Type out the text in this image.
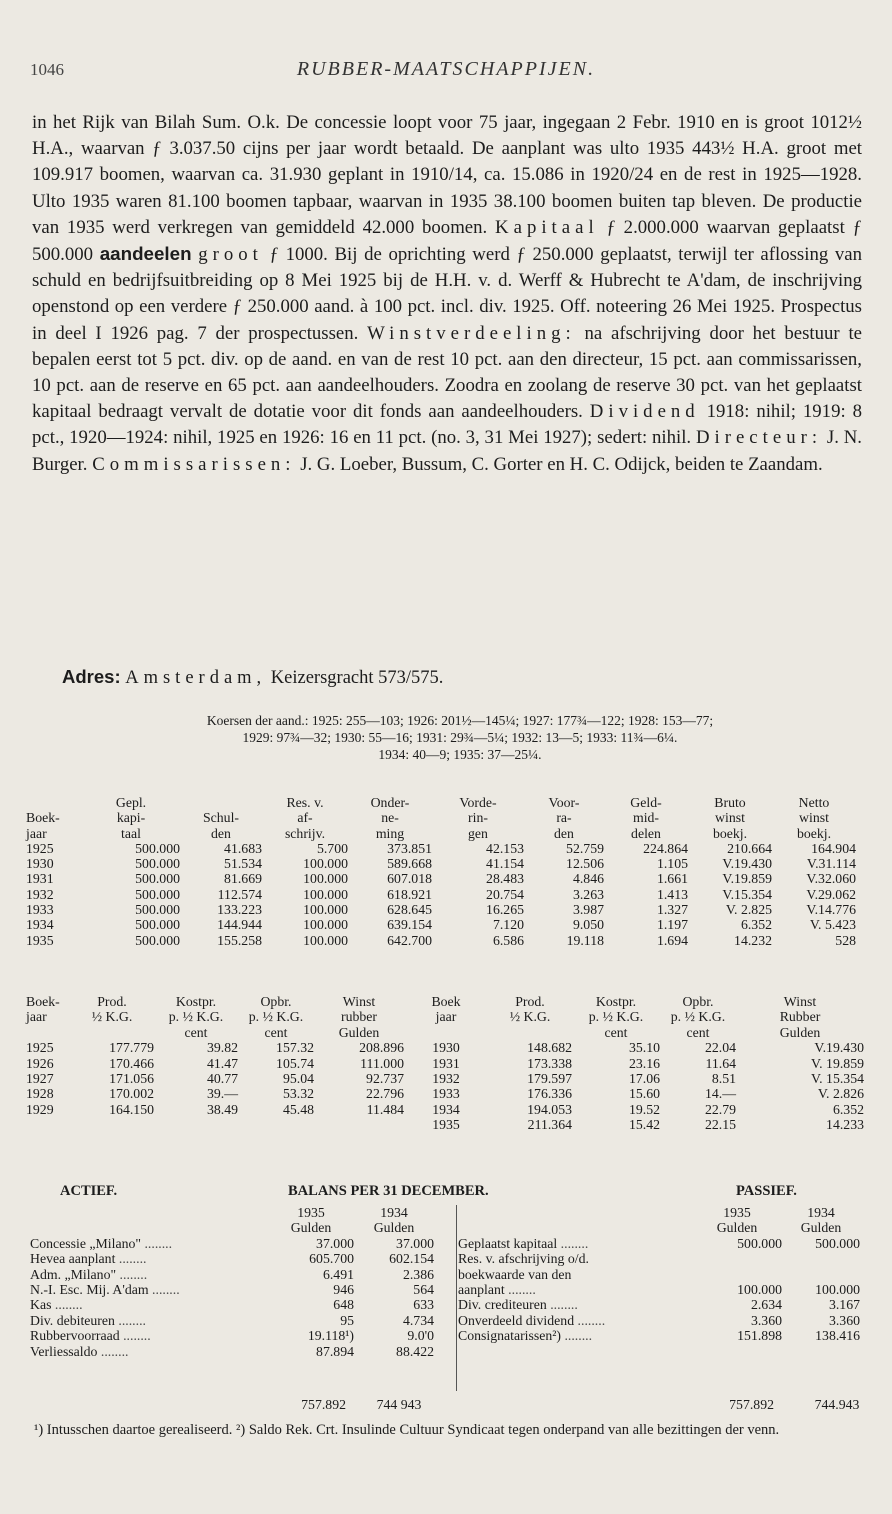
1046	RUBBER-MAATSCHAPPIJEN.
in het Rijk van Bilah Sum. O.k. De concessie loopt voor 75 jaar, ingegaan 2 Febr. 1910 en is groot 1012½ H.A., waarvan ƒ 3.037.50 cijns per jaar wordt betaald. De aanplant was ulto 1935 443½ H.A. groot met 109.917 boomen, waarvan ca. 31.930 geplant in 1910/14, ca. 15.086 in 1920/24 en de rest in 1925—1928. Ulto 1935 waren 81.100 boomen tapbaar, waarvan in 1935 38.100 boomen buiten tap bleven. De productie van 1935 werd verkregen van gemiddeld 42.000 boomen. Kapitaal ƒ 2.000.000 waarvan geplaatst ƒ 500.000 aandeelen groot ƒ 1000. Bij de oprichting werd ƒ 250.000 geplaatst, terwijl ter aflossing van schuld en bedrijfsuitbreiding op 8 Mei 1925 bij de H.H. v. d. Werff & Hubrecht te A'dam, de inschrijving openstond op een verdere ƒ 250.000 aand. à 100 pct. incl. div. 1925. Off. noteering 26 Mei 1925. Prospectus in deel I 1926 pag. 7 der prospectussen. Winstverdeeling: na afschrijving door het bestuur te bepalen eerst tot 5 pct. div. op de aand. en van de rest 10 pct. aan den directeur, 15 pct. aan commissarissen, 10 pct. aan de reserve en 65 pct. aan aandeelhouders. Zoodra en zoolang de reserve 30 pct. van het geplaatst kapitaal bedraagt vervalt de dotatie voor dit fonds aan aandeelhouders. Dividend 1918: nihil; 1919: 8 pct., 1920—1924: nihil, 1925 en 1926: 16 en 11 pct. (no. 3, 31 Mei 1927); sedert: nihil. Directeur: J. N. Burger. Commissarissen: J. G. Loeber, Bussum, C. Gorter en H. C. Odijck, beiden te Zaandam.
Adres: Amsterdam, Keizersgracht 573/575.
Koersen der aand.: 1925: 255—103; 1926: 201½—145¼; 1927: 177¾—122; 1928: 153—77;
1929: 97¾—32; 1930: 55—16; 1931: 29¾—5¼; 1932: 13—5; 1933: 11¾—6¼.
1934: 40—9; 1935: 37—25¼.
	Gepl.		Res. v.	Onder-	Vorde-	Voor-	Geld-	Bruto	Netto
Boek-	kapi-	Schul-	af-	ne-	rin-	ra-	mid-	winst	winst
jaar	taal	den	schrijv.	ming	gen	den	delen	boekj.	boekj.
1925	500.000	41.683	5.700	373.851	42.153	52.759	224.864	210.664	164.904
1930	500.000	51.534	100.000	589.668	41.154	12.506	1.105	V.19.430	V.31.114
1931	500.000	81.669	100.000	607.018	28.483	4.846	1.661	V.19.859	V.32.060
1932	500.000	112.574	100.000	618.921	20.754	3.263	1.413	V.15.354	V.29.062
1933	500.000	133.223	100.000	628.645	16.265	3.987	1.327	V. 2.825	V.14.776
1934	500.000	144.944	100.000	639.154	7.120	9.050	1.197	6.352	V. 5.423
1935	500.000	155.258	100.000	642.700	6.586	19.118	1.694	14.232	528
Boek-	Prod.	Kostpr.	Opbr.	Winst	Boek	Prod.	Kostpr.	Opbr.	Winst
jaar	½ K.G.	p. ½ K.G.	p. ½ K.G.	rubber	jaar	½ K.G.	p. ½ K.G.	p. ½ K.G.	Rubber
		cent	cent	Gulden			cent	cent	Gulden
1925	177.779	39.82	157.32	208.896	1930	148.682	35.10	22.04	V.19.430
1926	170.466	41.47	105.74	111.000	1931	173.338	23.16	11.64	V. 19.859
1927	171.056	40.77	95.04	92.737	1932	179.597	17.06	8.51	V. 15.354
1928	170.002	39.—	53.32	22.796	1933	176.336	15.60	14.—	V. 2.826
1929	164.150	38.49	45.48	11.484	1934	194.053	19.52	22.79	6.352
					1935	211.364	15.42	22.15	14.233
ACTIEF.	BALANS PER 31 DECEMBER.	PASSIEF.
	1935	1934
	Gulden	Gulden
Concessie „Milano" ........	37.000	37.000
Hevea aanplant ........	605.700	602.154
Adm. „Milano" ........	6.491	2.386
N.-I. Esc. Mij. A'dam ........	946	564
Kas ........	648	633
Div. debiteuren ........	95	4.734
Rubbervoorraad ........	19.118¹)	9.0'0
Verliessaldo ........	87.894	88.422
	1935	1934
	Gulden	Gulden
Geplaatst kapitaal ........	500.000	500.000
Res. v. afschrijving o/d.		
boekwaarde van den		
aanplant ........	100.000	100.000
Div. crediteuren ........	2.634	3.167
Onverdeeld dividend ........	3.360	3.360
Consignatarissen²) ........	151.898	138.416
757.892 744 943	757.892	744.943
¹) Intusschen daartoe gerealiseerd. ²) Saldo Rek. Crt. Insulinde Cultuur Syndicaat tegen onderpand van alle bezittingen der venn.
